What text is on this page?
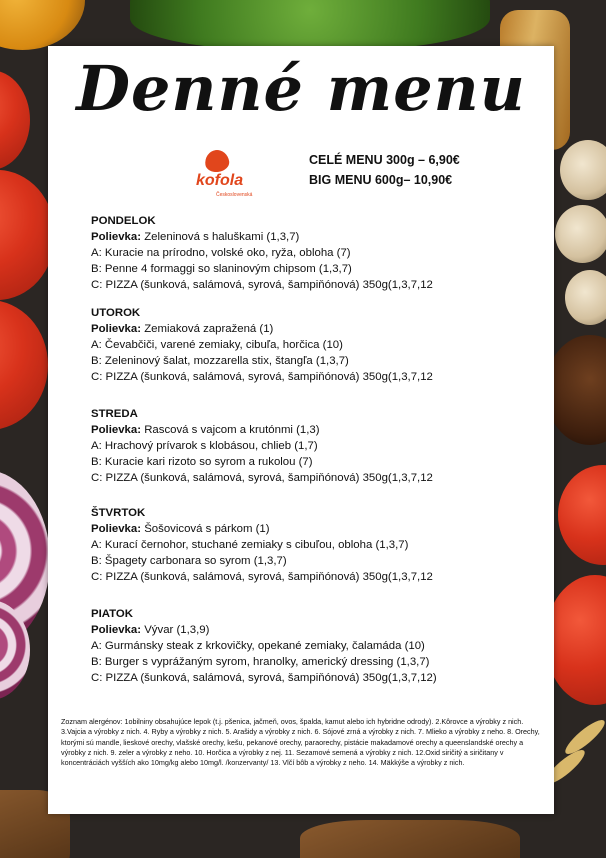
Denné menu
kofola
Československá
CELÉ MENU 300g – 6,90€
BIG MENU 600g– 10,90€
PONDELOK
Polievka: Zeleninová s haluškami (1,3,7)
A: Kuracie na prírodno, volské oko, ryža, obloha (7)
B: Penne 4 formaggi so slaninovým chipsom (1,3,7)
C: PIZZA (šunková, salámová, syrová, šampiňónová) 350g(1,3,7,12
UTOROK
Polievka: Zemiaková zapražená (1)
A: Čevabčiči, varené zemiaky, cibuľa, horčica (10)
B: Zeleninový šalat, mozzarella stix, štangľa (1,3,7)
C: PIZZA (šunková, salámová, syrová, šampiňónová) 350g(1,3,7,12
STREDA
Polievka: Rascová s vajcom a krutónmi (1,3)
A: Hrachový prívarok s klobásou, chlieb (1,7)
B: Kuracie kari rizoto so syrom a rukolou (7)
C: PIZZA (šunková, salámová, syrová, šampiňónová) 350g(1,3,7,12
ŠTVRTOK
Polievka: Šošovicová s párkom (1)
A: Kurací černohor, stuchané zemiaky s cibuľou, obloha (1,3,7)
B: Špagety carbonara so syrom (1,3,7)
C: PIZZA (šunková, salámová, syrová, šampiňónová) 350g(1,3,7,12
PIATOK
Polievka: Vývar (1,3,9)
A: Gurmánsky steak z krkovičky, opekané zemiaky, čalamáda (10)
B: Burger s vyprážaným syrom, hranolky, americký dressing (1,3,7)
C: PIZZA (šunková, salámová, syrová, šampiňónová) 350g(1,3,7,12)
Zoznam alergénov: 1obilniny obsahujúce lepok (t.j. pšenica, jačmeň, ovos, špalda, kamut alebo ich hybridne odrody). 2.Kôrovce a výrobky z nich. 3.Vajcia a výrobky z nich. 4. Ryby a výrobky z nich. 5. Arašidy a výrobky z nich. 6. Sójové zrná a výrobky z nich. 7. Mlieko a výrobky z neho. 8. Orechy, ktorými sú mandle, lieskové orechy, vlašské orechy, kešu, pekanové orechy, paraorechy, pistácie makadamové orechy a queenslandské orechy a výrobky z nich. 9. zeler a výrobky z neho. 10. Horčica a výrobky z nej. 11. Sezamové semená a výrobky z nich. 12.Oxid siričitý a siričitany v koncentráciách vyšších ako 10mg/kg alebo 10mg/l. /konzervanty/ 13. Vlčí bôb a výrobky z neho. 14. Mäkkýše a výrobky z nich.
